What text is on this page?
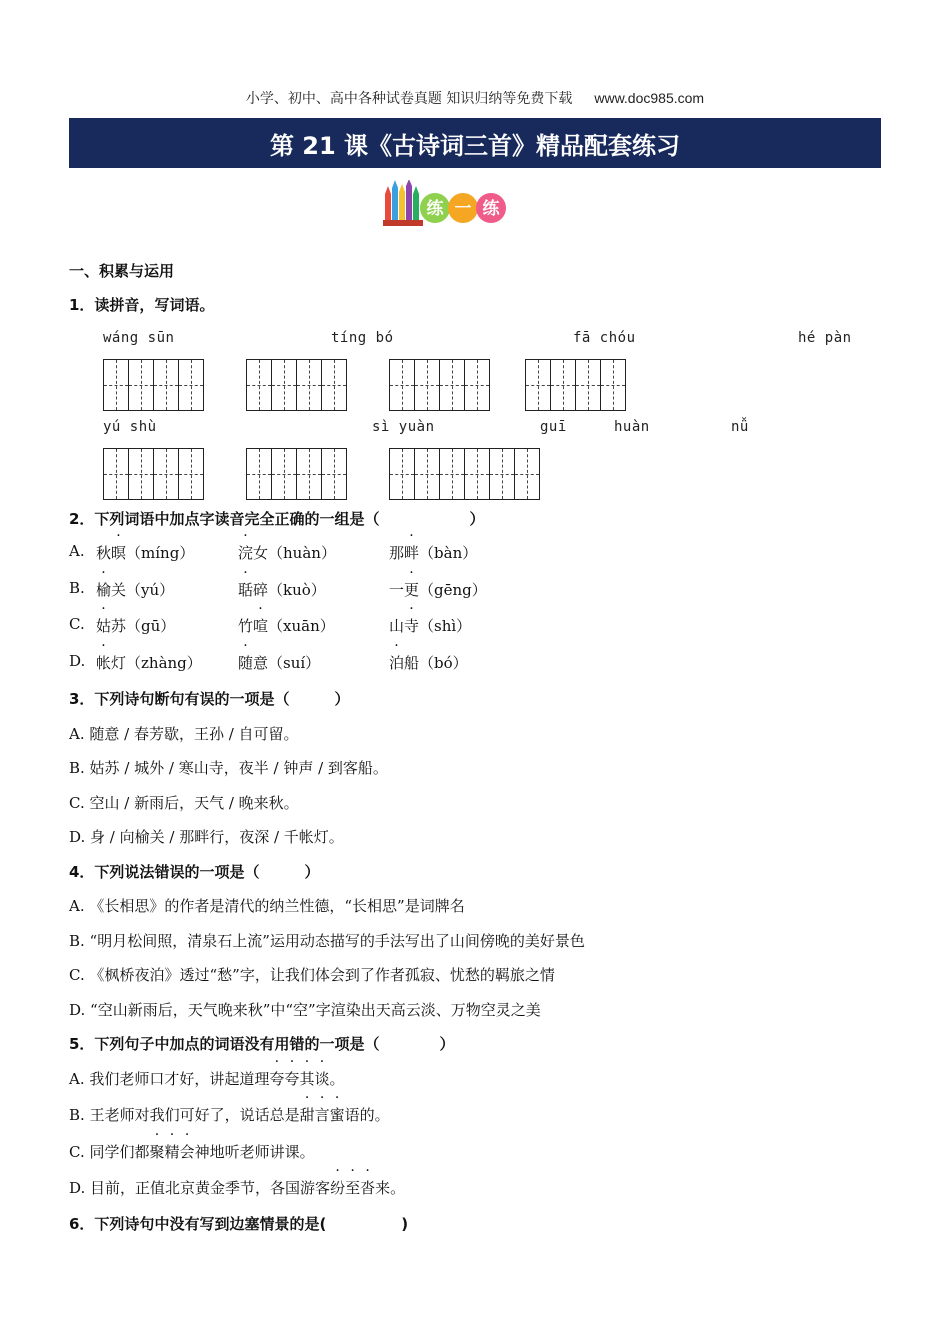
小学、初中、高中各种试卷真题 知识归纳等免费下载 www.doc985.com
第 21 课《古诗词三首》精品配套练习
练 一 练
一、积累与运用
1．读拼音，写词语。
wáng sūn	tíng bó	fā chóu	hé pàn
yú shù	sì yuàn	guī	huàn	nǚ
2．下列词语中加点字读音完全正确的一组是（　　　　　　）
A. 秋暝（míng）	浣女（huàn）	那畔（bàn）
B. 榆关（yú）	聒碎（kuò）	一更（gēng）
C. 姑苏（gū）	竹喧（xuān）	山寺（shì）
D. 帐灯（zhàng） 随意（suí）	泊船（bó）
3．下列诗句断句有误的一项是（　　　）
A. 随意 / 春芳歇，王孙 / 自可留。
B. 姑苏 / 城外 / 寒山寺，夜半 / 钟声 / 到客船。
C. 空山 / 新雨后，天气 / 晚来秋。
D. 身 / 向榆关 / 那畔行，夜深 / 千帐灯。
4．下列说法错误的一项是（　　　）
A. 《长相思》的作者是清代的纳兰性德，“长相思”是词牌名
B. “明月松间照，清泉石上流”运用动态描写的手法写出了山间傍晚的美好景色
C. 《枫桥夜泊》透过“愁”字，让我们体会到了作者孤寂、忧愁的羁旅之情
D. “空山新雨后，天气晚来秋”中“空”字渲染出天高云淡、万物空灵之美
5．下列句子中加点的词语没有用错的一项是（　　　　）
A. 我们老师口才好，讲起道理夸夸其谈。
B. 王老师对我们可好了，说话总是甜言蜜语的。
C. 同学们都聚精会神地听老师讲课。
D. 目前，正值北京黄金季节，各国游客纷至沓来。
6．下列诗句中没有写到边塞情景的是(　　　　　)
